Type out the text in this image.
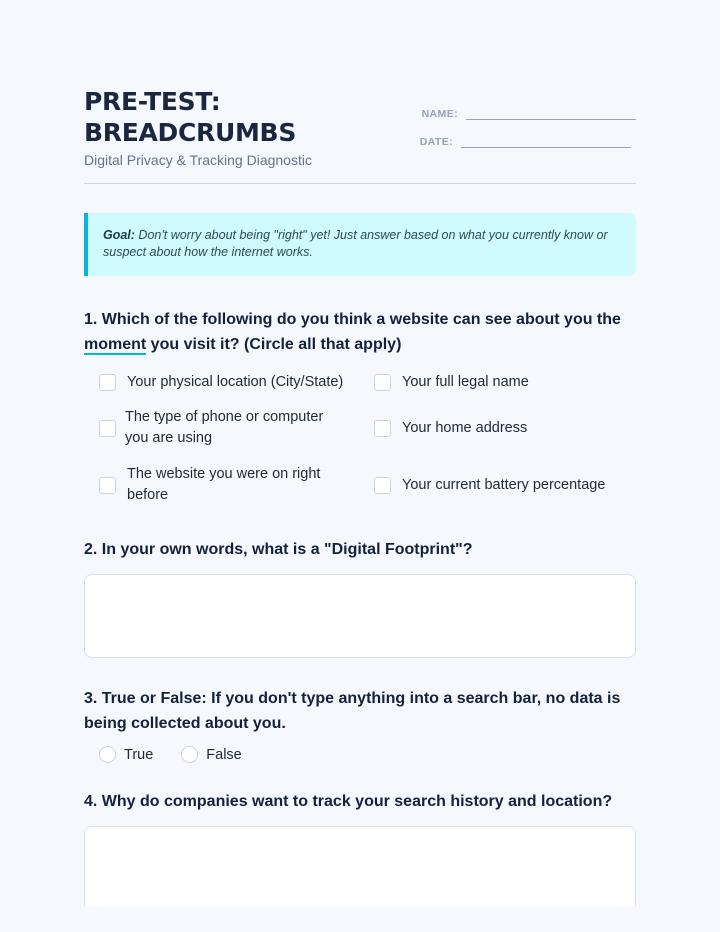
PRE-TEST:
BREADCRUMBS
Digital Privacy & Tracking Diagnostic
NAME:
DATE:
Goal: Don't worry about being "right" yet! Just answer based on what you currently know or suspect about how the internet works.
1. Which of the following do you think a website can see about you the moment you visit it? (Circle all that apply)
Your physical location (City/State)	Your full legal name
The type of phone or computer you are using
Your home address
The website you were on right before
Your current battery percentage
2. In your own words, what is a "Digital Footprint"?
3. True or False: If you don't type anything into a search bar, no data is being collected about you.
True	False
4. Why do companies want to track your search history and location?
